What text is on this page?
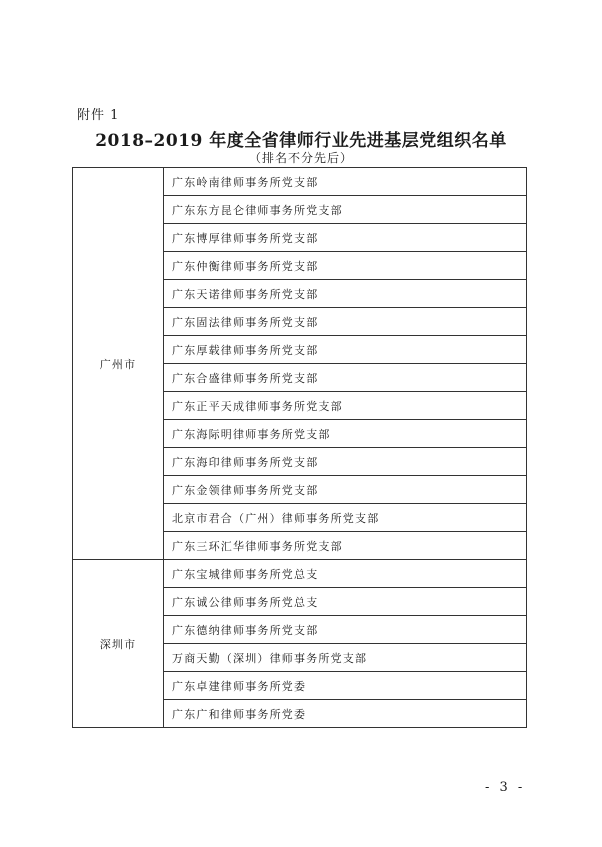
附件 1
2018–2019 年度全省律师行业先进基层党组织名单
（排名不分先后）
广州市	广东岭南律师事务所党支部
	广东东方昆仑律师事务所党支部
	广东博厚律师事务所党支部
	广东仲衡律师事务所党支部
	广东天诺律师事务所党支部
	广东固法律师事务所党支部
	广东厚载律师事务所党支部
	广东合盛律师事务所党支部
	广东正平天成律师事务所党支部
	广东海际明律师事务所党支部
	广东海印律师事务所党支部
	广东金领律师事务所党支部
	北京市君合（广州）律师事务所党支部
	广东三环汇华律师事务所党支部
深圳市	广东宝城律师事务所党总支
	广东诚公律师事务所党总支
	广东德纳律师事务所党支部
	万商天勤（深圳）律师事务所党支部
	广东卓建律师事务所党委
	广东广和律师事务所党委
- 3 -
